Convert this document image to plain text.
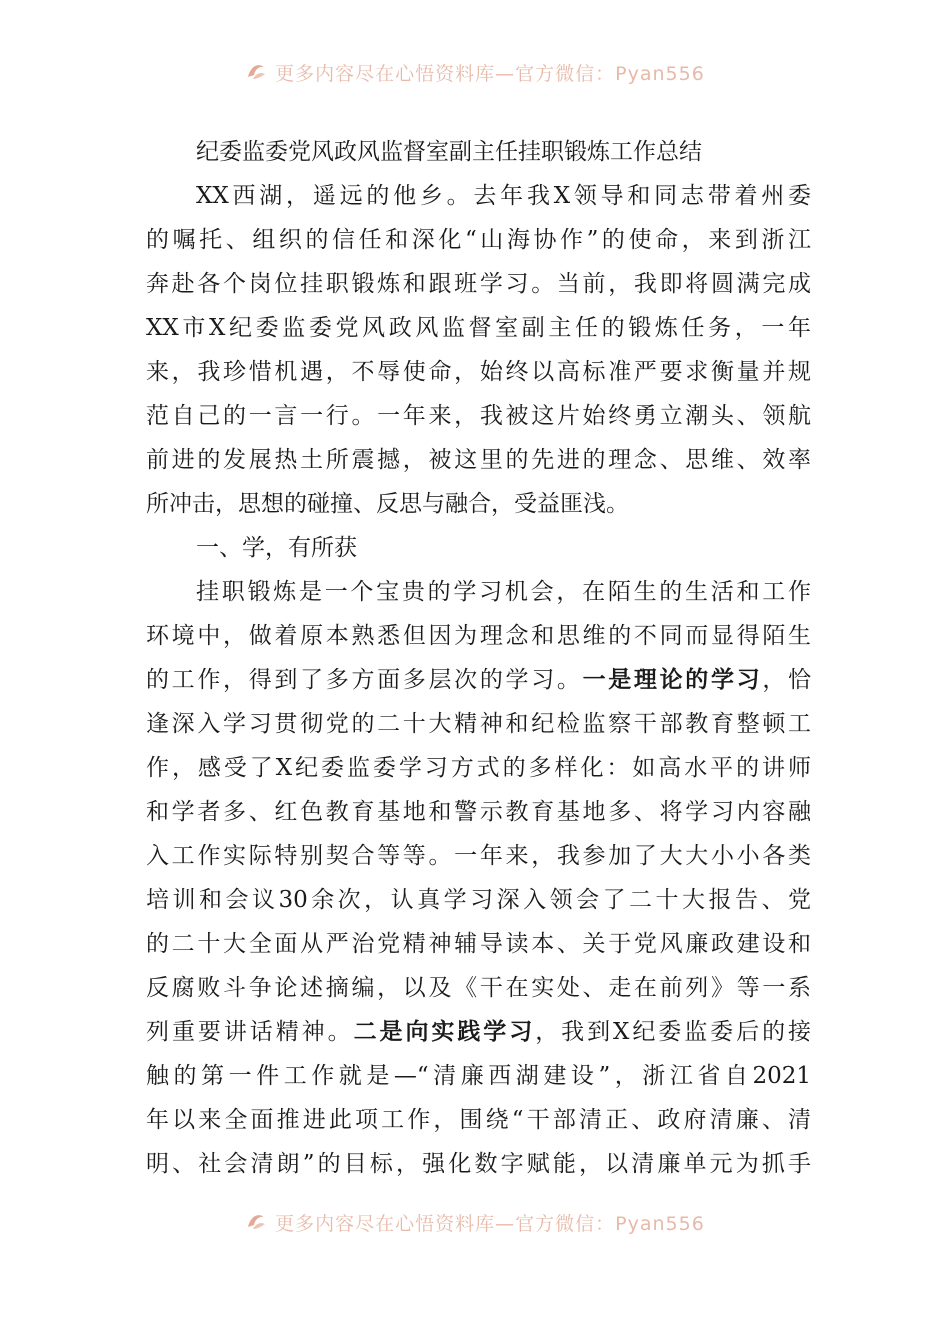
更多内容尽在心悟资料库—官方微信：Pyan556
纪委监委党风政风监督室副主任挂职锻炼工作总结
XX西湖，遥远的他乡。去年我X领导和同志带着州委
的嘱托、组织的信任和深化“山海协作”的使命，来到浙江
奔赴各个岗位挂职锻炼和跟班学习。当前，我即将圆满完成
XX市X纪委监委党风政风监督室副主任的锻炼任务，一年
来，我珍惜机遇，不辱使命，始终以高标准严要求衡量并规
范自己的一言一行。一年来，我被这片始终勇立潮头、领航
前进的发展热土所震撼，被这里的先进的理念、思维、效率
所冲击，思想的碰撞、反思与融合，受益匪浅。
一、学，有所获
挂职锻炼是一个宝贵的学习机会，在陌生的生活和工作
环境中，做着原本熟悉但因为理念和思维的不同而显得陌生
的工作，得到了多方面多层次的学习。一是理论的学习，恰
逢深入学习贯彻党的二十大精神和纪检监察干部教育整顿工
作，感受了X纪委监委学习方式的多样化：如高水平的讲师
和学者多、红色教育基地和警示教育基地多、将学习内容融
入工作实际特别契合等等。一年来，我参加了大大小小各类
培训和会议30余次，认真学习深入领会了二十大报告、党
的二十大全面从严治党精神辅导读本、关于党风廉政建设和
反腐败斗争论述摘编，以及《干在实处、走在前列》等一系
列重要讲话精神。二是向实践学习，我到X纪委监委后的接
触的第一件工作就是—“清廉西湖建设”，浙江省自2021
年以来全面推进此项工作，围绕“干部清正、政府清廉、清
明、社会清朗”的目标，强化数字赋能，以清廉单元为抓手
更多内容尽在心悟资料库—官方微信：Pyan556
